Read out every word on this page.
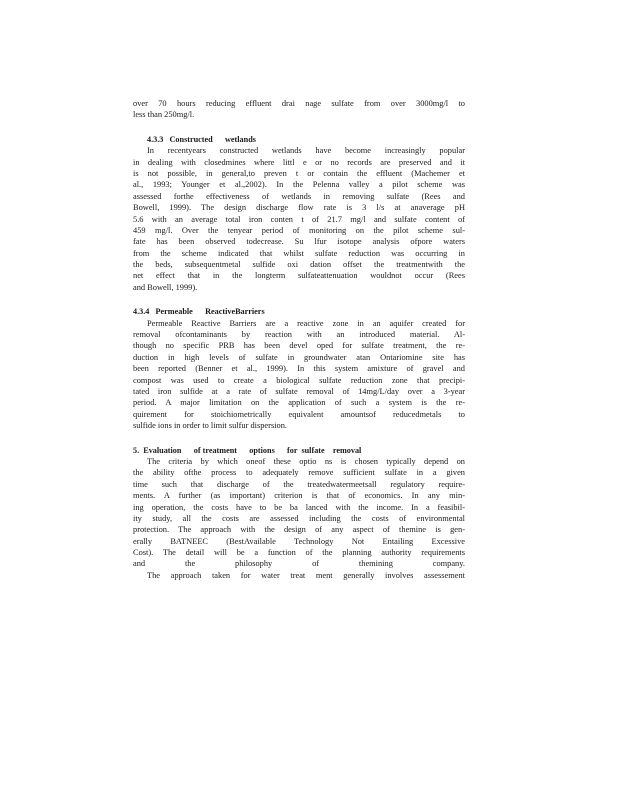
over 70 hours reducing effluent drai nage sulfate from over 3000mg/l to
less than 250mg/l.
4.3.3   Constructed      wetlands
In recentyears constructed wetlands have become increasingly popular
in dealing with closedmines where littl e or no records are preserved and it
is not possible, in general,to preven t or contain the effluent (Machemer et
al., 1993; Younger et al.,2002). In the Pelenna valley a pilot scheme was
assessed forthe effectiveness of wetlands in removing sulfate (Rees and
Bowell, 1999). The design discharge flow rate is 3 l/s at anaverage pH
5.6 with an average total iron conten t of 21.7 mg/l and sulfate content of
459 mg/l. Over the tenyear period of monitoring on the pilot scheme sul-
fate has been observed todecrease. Su lfur isotope analysis ofpore waters
from the scheme indicated that whilst sulfate reduction was occurring in
the beds, subsequentmetal sulfide oxi dation offset the treatmentwith the
net effect that in the longterm sulfateattenuation wouldnot occur (Rees
and Bowell, 1999).
4.3.4   Permeable      ReactiveBarriers
Permeable Reactive Barriers are a reactive zone in an aquifer created for
removal ofcontaminants by reaction with an introduced material. Al-
though no specific PRB has been devel oped for sulfate treatment, the re-
duction in high levels of sulfate in groundwater atan Ontariomine site has
been reported (Benner et al., 1999). In this system amixture of gravel and
compost was used to create a biological sulfate reduction zone that precipi-
tated iron sulfide at a rate of sulfate removal of 14mg/L/day over a 3-year
period. A major limitation on the application of such a system is the re-
quirement for stoichiometrically equivalent amountsof reducedmetals to
sulfide ions in order to limit sulfur dispersion.
5.  Evaluation      of treatment      options      for  sulfate    removal
The criteria by which oneof these optio ns is chosen typically depend on
the ability ofthe process to adequately remove sufficient sulfate in a given
time such that discharge of the treatedwatermeetsall regulatory require-
ments. A further (as important) criterion is that of economics. In any min-
ing operation, the costs have to be ba lanced with the income. In a feasibil-
ity study, all the costs are assessed including the costs of environmental
protection. The approach with the design of any aspect of themine is gen-
erally BATNEEC (BestAvailable Technology Not Entailing Excessive
Cost). The detail will be a function of the planning authority requirements
and the philosophy of themining company.
The approach taken for water treat ment generally involves assessement
